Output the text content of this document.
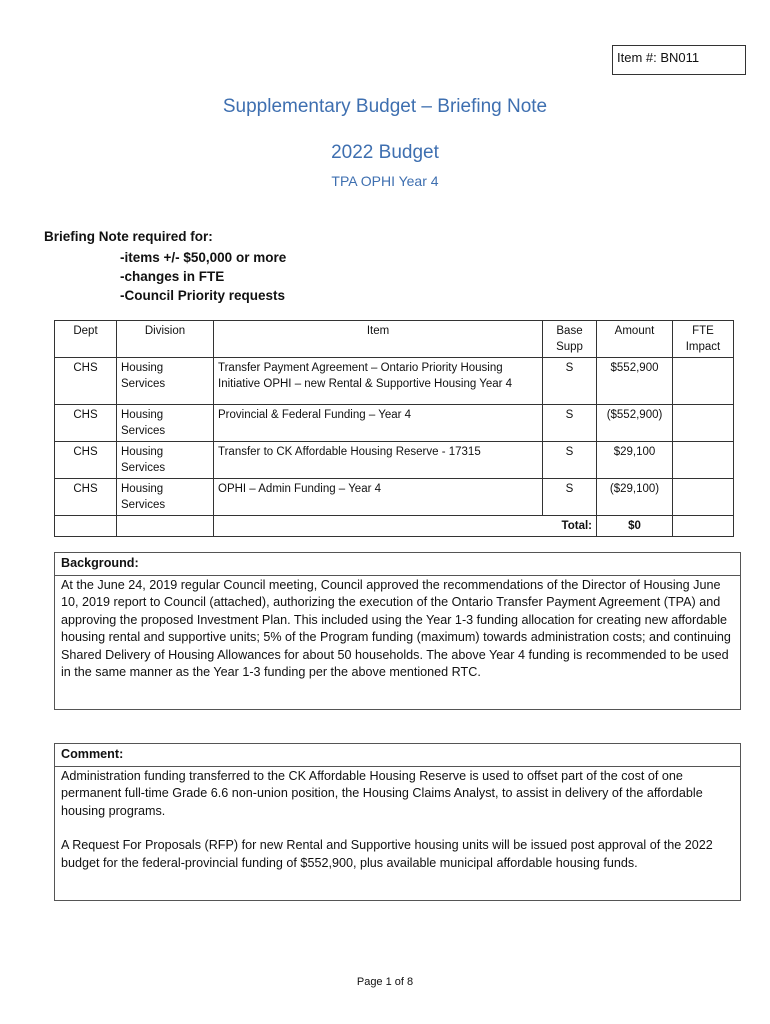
Item #: BN011
Supplementary Budget – Briefing Note
2022 Budget
TPA OPHI Year 4
Briefing Note required for:
-items +/- $50,000 or more
-changes in FTE
-Council Priority requests
Dept	Division	Item	Base Supp	Amount	FTE Impact
CHS	Housing Services	Transfer Payment Agreement – Ontario Priority Housing Initiative OPHI – new Rental & Supportive Housing Year 4	S	$552,900	
CHS	Housing Services	Provincial & Federal Funding – Year 4	S	($552,900)	
CHS	Housing Services	Transfer to CK Affordable Housing Reserve - 17315	S	$29,100	
CHS	Housing Services	OPHI – Admin Funding – Year 4	S	($29,100)	
		Total:		$0	
Background:

At the June 24, 2019 regular Council meeting, Council approved the recommendations of the Director of Housing June 10, 2019 report to Council (attached), authorizing the execution of the Ontario Transfer Payment Agreement (TPA) and approving the proposed Investment Plan. This included using the Year 1-3 funding allocation for creating new affordable housing rental and supportive units; 5% of the Program funding (maximum) towards administration costs; and continuing Shared Delivery of Housing Allowances for about 50 households. The above Year 4 funding is recommended to be used in the same manner as the Year 1-3 funding per the above mentioned RTC.

Comment:

Administration funding transferred to the CK Affordable Housing Reserve is used to offset part of the cost of one permanent full-time Grade 6.6 non-union position, the Housing Claims Analyst, to assist in delivery of the affordable housing programs.

A Request For Proposals (RFP) for new Rental and Supportive housing units will be issued post approval of the 2022 budget for the federal-provincial funding of $552,900, plus available municipal affordable housing funds.

Page 1 of 8
